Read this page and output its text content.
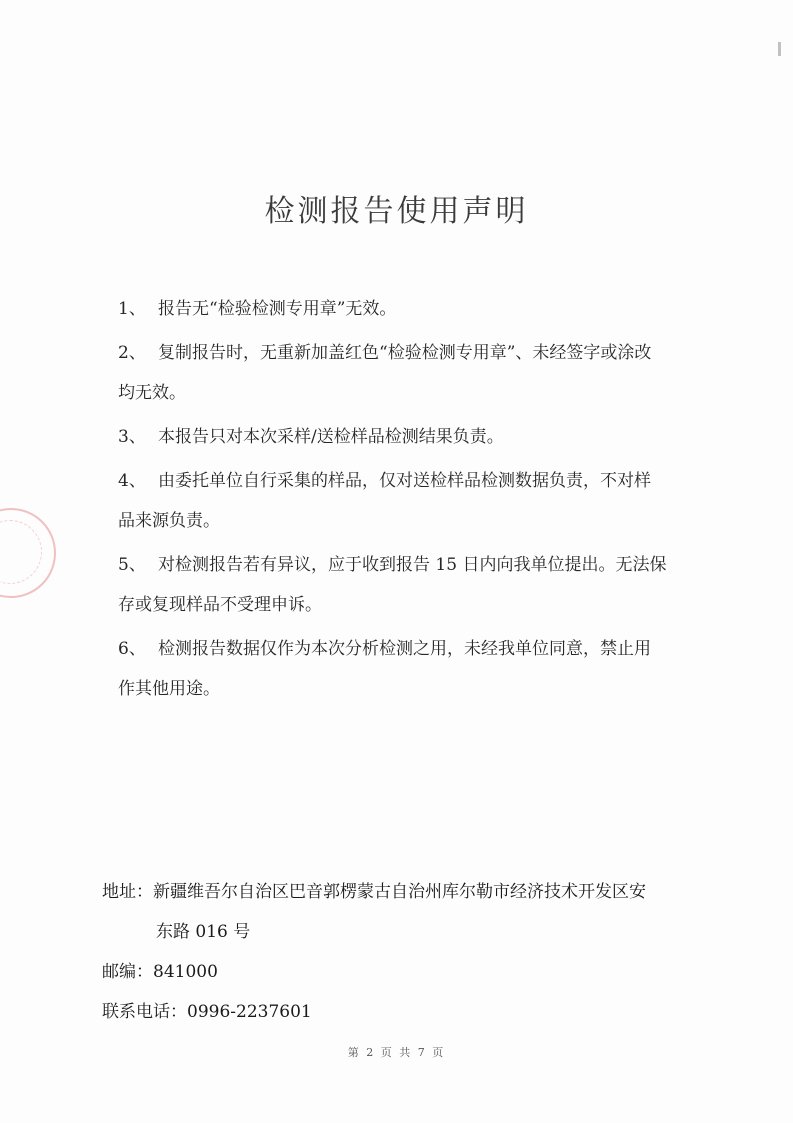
检测报告使用声明
1、 报告无“检验检测专用章”无效。
2、 复制报告时，无重新加盖红色“检验检测专用章”、未经签字或涂改
均无效。
3、 本报告只对本次采样/送检样品检测结果负责。
4、 由委托单位自行采集的样品，仅对送检样品检测数据负责，不对样
品来源负责。
5、 对检测报告若有异议，应于收到报告 15 日内向我单位提出。无法保
存或复现样品不受理申诉。
6、 检测报告数据仅作为本次分析检测之用，未经我单位同意，禁止用
作其他用途。
地址：新疆维吾尔自治区巴音郭楞蒙古自治州库尔勒市经济技术开发区安
东路 016 号
邮编：841000
联系电话：0996-2237601
第 2 页 共 7 页
